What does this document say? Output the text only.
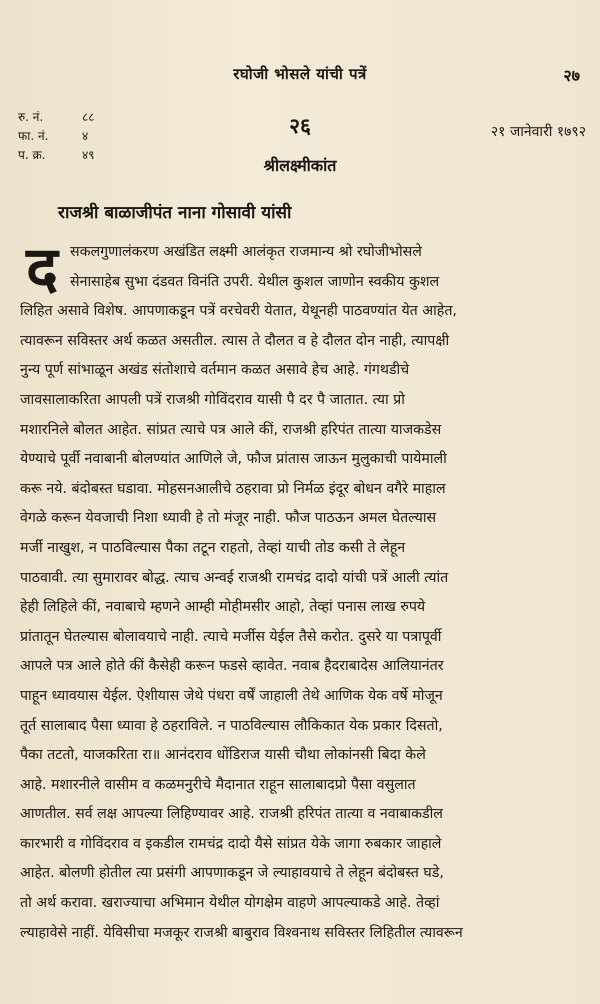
रघोजी भोसले यांची पत्रें	२७
रु. नं.	८८
फा. नं.	४
प. क्र.	४९
२६	२१ जानेवारी १७९२
श्रीलक्ष्मीकांत
राजश्री बाळाजीपंत नाना गोसावी यांसी
द सकलगुणालंकरण अखंडित लक्ष्मी आलंकृत राजमान्य श्रो रघोजीभोसले
सेनासाहेब सुभा दंडवत विनंति उपरी. येथील कुशल जाणोन स्वकीय कुशल
लिहित असावे विशेष. आपणाकडून पत्रें वरचेवरी येतात, येथूनही पाठवण्यांत येत आहेत,
त्यावरून सविस्तर अर्थ कळत असतील. त्यास ते दौलत व हे दौलत दोन नाही, त्यापक्षी
नुन्य पूर्ण सांभाळून अखंड संतोशाचे वर्तमान कळत असावे हेच आहे. गंगथडीचे
जावसालाकरिता आपली पत्रें राजश्री गोविंदराव यासी पै दर पै जातात. त्या प्रो
मशारनिले बोलत आहेत. सांप्रत त्याचे पत्र आले कीं, राजश्री हरिपंत तात्या याजकडेस
येण्याचे पूर्वी नवाबानी बोलण्यांत आणिले जे, फौज प्रांतास जाऊन मुलुकाची पायेमाली
करू नये. बंदोबस्त घडावा. मोहसनआलीचे ठहरावा प्रो निर्मळ इंदूर बोधन वगैरे माहाल
वेगळे करून येवजाची निशा ध्यावी हे तो मंजूर नाही. फौज पाठऊन अमल घेतल्यास
मर्जी नाखुश, न पाठविल्यास पैका तटून राहतो, तेव्हां याची तोड कसी ते लेहून
पाठवावी. त्या सुमारावर बोद्ध. त्याच अन्वई राजश्री रामचंद्र दादो यांची पत्रें आली त्यांत
हेही लिहिले कीं, नवाबाचे म्हणने आम्ही मोहीमसीर आहो, तेव्हां पनास लाख रुपये
प्रांतातून घेतल्यास बोलावयाचे नाही. त्याचे मर्जीस येईल तैसे करोत. दुसरे या पत्रापूर्वी
आपले पत्र आले होते कीं कैसेही करून फडसे व्हावेत. नवाब हैदराबादेस आलियानंतर
पाहून ध्यावयास येईल. ऐशीयास जेथे पंधरा वर्षें जाहाली तेथे आणिक येक वर्षे मोजून
तूर्त सालाबाद पैसा ध्यावा हे ठहराविले. न पाठविल्यास लौकिकात येक प्रकार दिसतो,
पैका तटतो, याजकरिता रा॥ आनंदराव धोंडिराज यासी चौथा लोकांनसी बिदा केले
आहे. मशारनीले वासीम व कळमनुरीचे मैदानात राहून सालाबादप्रो पैसा वसुलात
आणतील. सर्व लक्ष आपल्या लिहिण्यावर आहे. राजश्री हरिपंत तात्या व नवाबाकडील
कारभारी व गोविंदराव व इकडील रामचंद्र दादो यैसे सांप्रत येके जागा रुबकार जाहाले
आहेत. बोलणी होतील त्या प्रसंगी आपणाकडून जे ल्याहावयाचे ते लेहून बंदोबस्त घडे,
तो अर्थ करावा. खराज्याचा अभिमान येथील योगक्षेम वाहणे आपल्याकडे आहे. तेव्हां
ल्याहावेसे नाहीं. येविसीचा मजकूर राजश्री बाबुराव विश्वनाथ सविस्तर लिहितील त्यावरून
